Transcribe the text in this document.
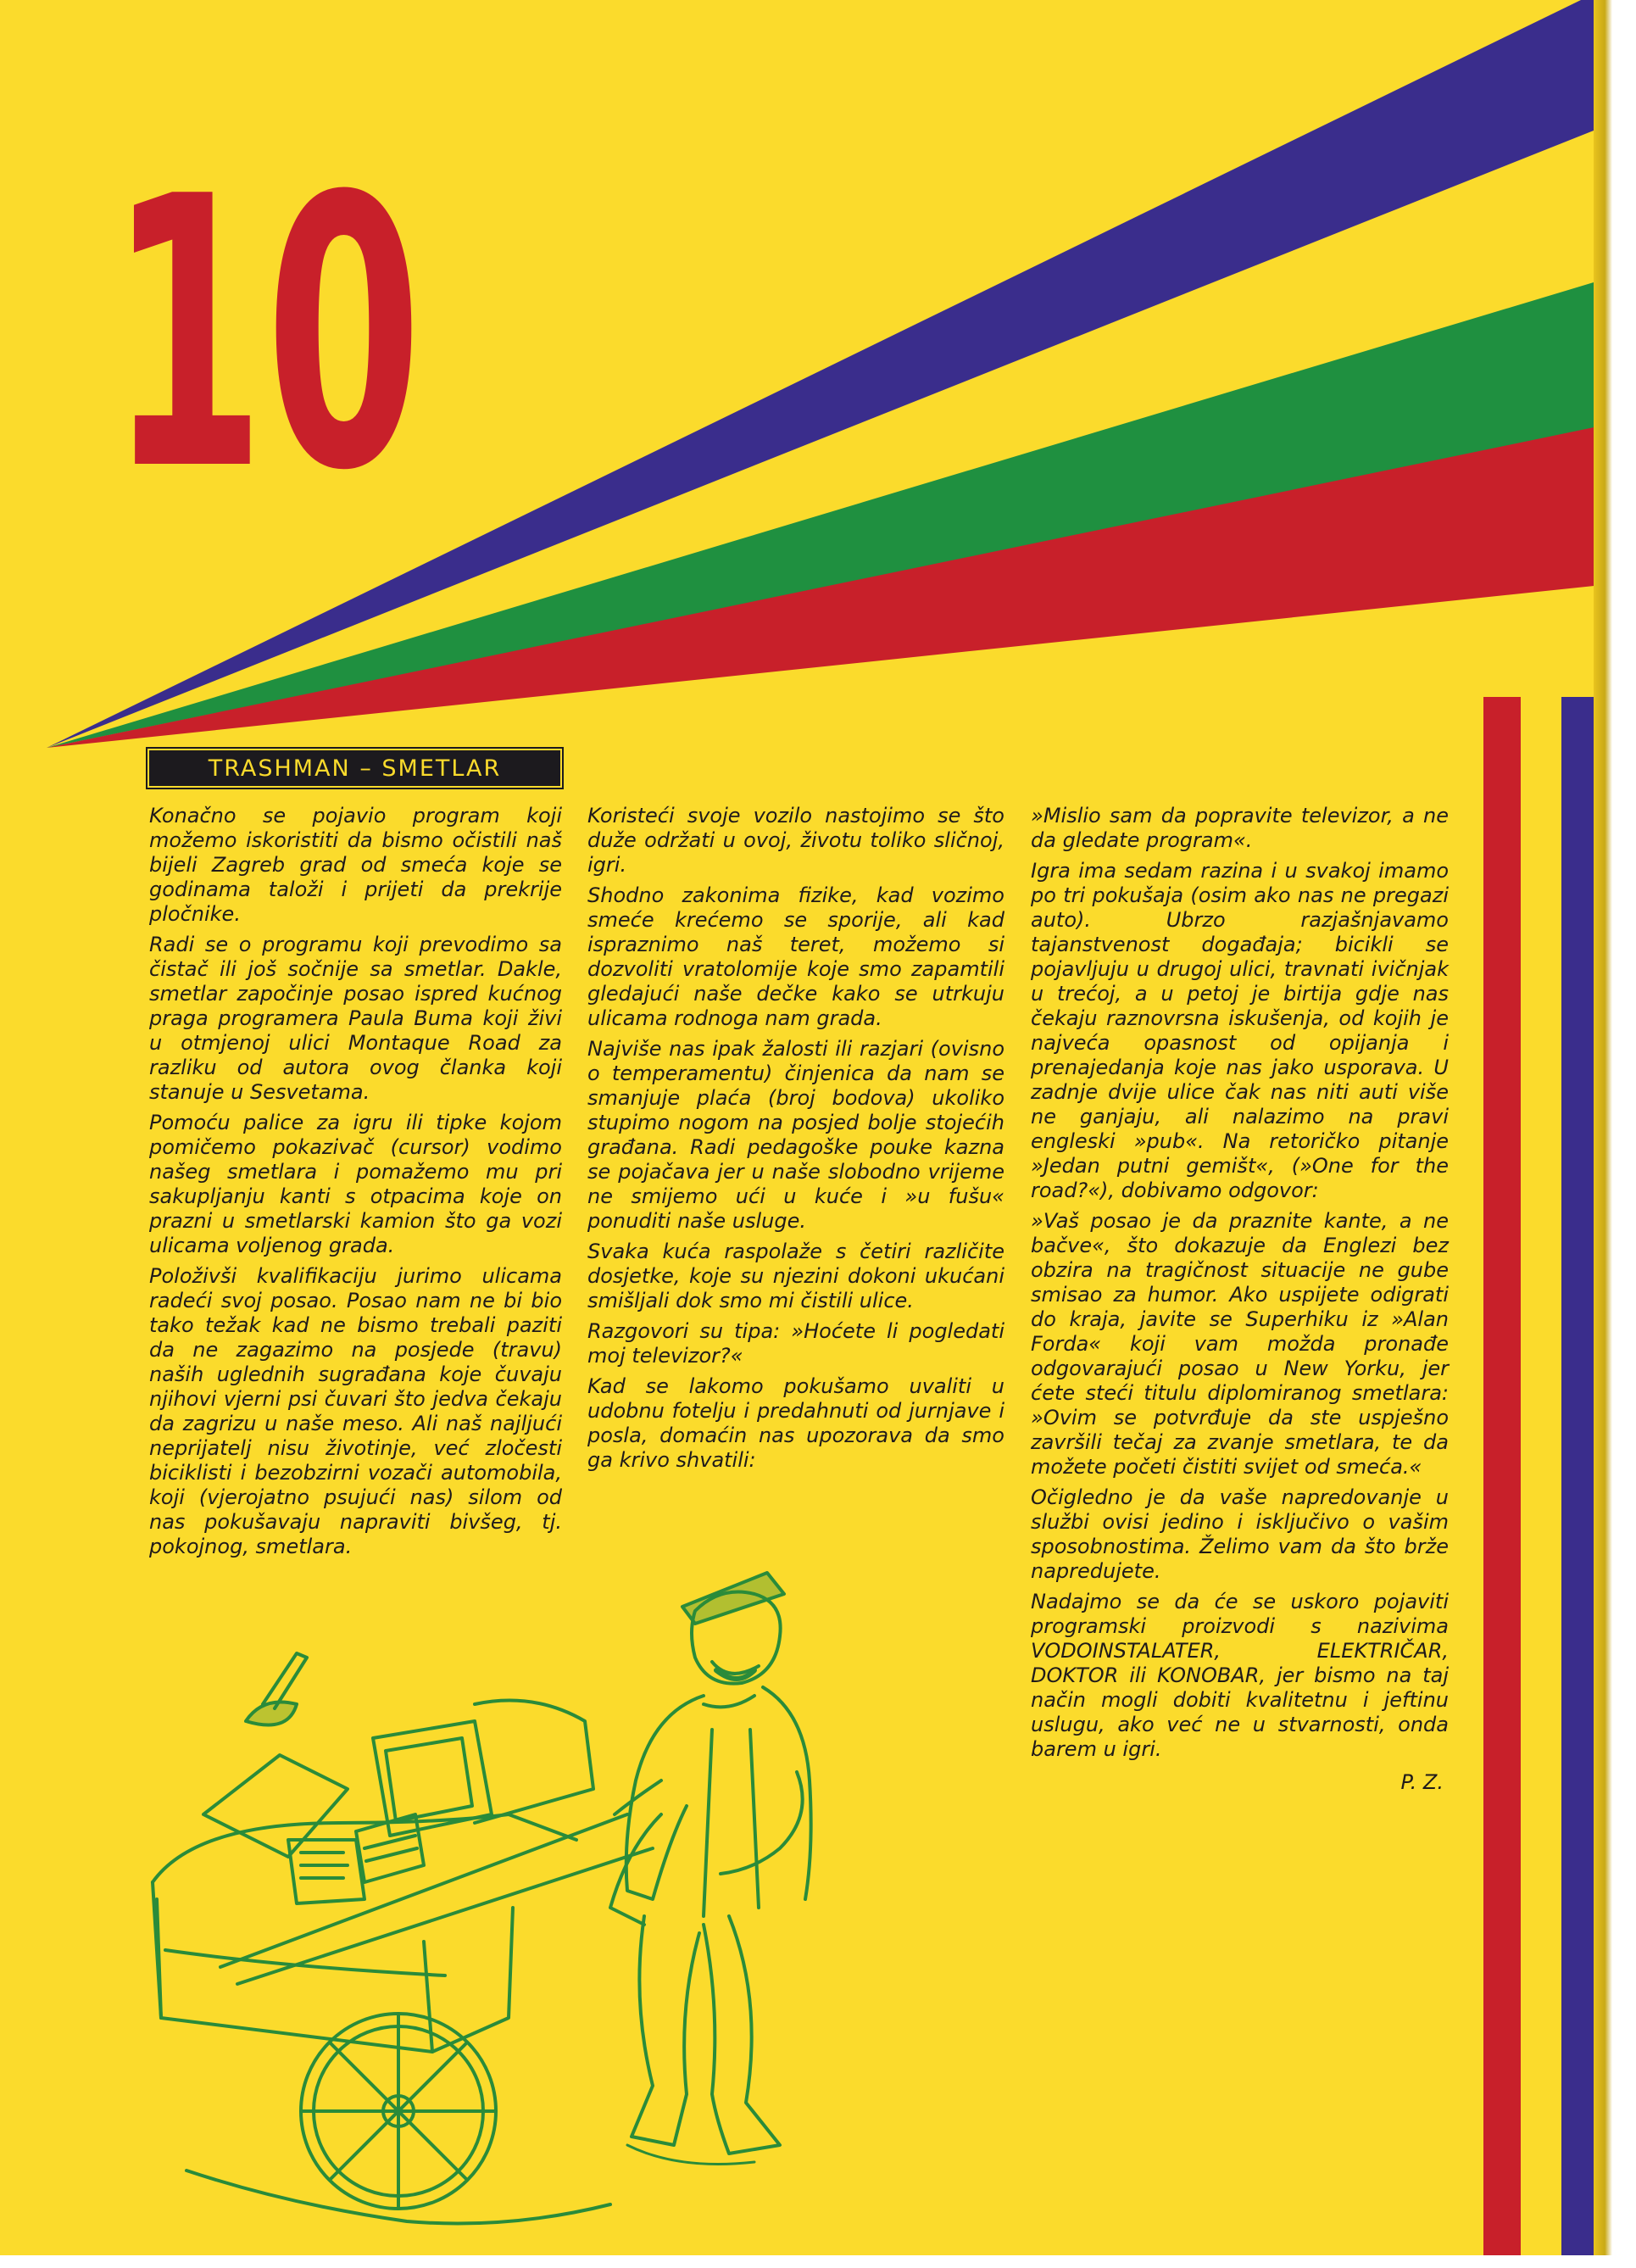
10
TRASHMAN – SMETLAR

Konačno se pojavio program koji možemo iskoristiti da bismo očistili naš bijeli Zagreb grad od smeća koje se godinama taloži i prijeti da prekrije pločnike.

Radi se o programu koji prevodimo sa čistač ili još sočnije sa smetlar. Dakle, smetlar započinje posao ispred kućnog praga programera Paula Buma koji živi u otmjenoj ulici Montaque Road za razliku od autora ovog članka koji stanuje u Sesvetama.

Pomoću palice za igru ili tipke kojom pomičemo pokazivač (cursor) vodimo našeg smetlara i pomažemo mu pri sakupljanju kanti s otpacima koje on prazni u smetlarski kamion što ga vozi ulicama voljenog grada.

Položivši kvalifikaciju jurimo ulicama radeći svoj posao. Posao nam ne bi bio tako težak kad ne bismo trebali paziti da ne zagazimo na posjede (travu) naših uglednih sugrađana koje čuvaju njihovi vjerni psi čuvari što jedva čekaju da zagrizu u naše meso. Ali naš najljući neprijatelj nisu životinje, već zločesti biciklisti i bezobzirni vozači automobila, koji (vjerojatno psujući nas) silom od nas pokušavaju napraviti bivšeg, tj. pokojnog, smetlara.

Koristeći svoje vozilo nastojimo se što duže održati u ovoj, životu toliko sličnoj, igri.

Shodno zakonima fizike, kad vozimo smeće krećemo se sporije, ali kad ispraznimo naš teret, možemo si dozvoliti vratolomije koje smo zapamtili gledajući naše dečke kako se utrkuju ulicama rodnoga nam grada.

Najviše nas ipak žalosti ili razjari (ovisno o temperamentu) činjenica da nam se smanjuje plaća (broj bodova) ukoliko stupimo nogom na posjed bolje stojećih građana. Radi pedagoške pouke kazna se pojačava jer u naše slobodno vrijeme ne smijemo ući u kuće i »u fušu« ponuditi naše usluge.

Svaka kuća raspolaže s četiri različite dosjetke, koje su njezini dokoni ukućani smišljali dok smo mi čistili ulice.

Razgovori su tipa: »Hoćete li pogledati moj televizor?«

Kad se lakomo pokušamo uvaliti u udobnu fotelju i predahnuti od jurnjave i posla, domaćin nas upozorava da smo ga krivo shvatili:

»Mislio sam da popravite televizor, a ne da gledate program«.

Igra ima sedam razina i u svakoj imamo po tri pokušaja (osim ako nas ne pregazi auto). Ubrzo razjašnjavamo tajanstvenost događaja; bicikli se pojavljuju u drugoj ulici, travnati ivičnjak u trećoj, a u petoj je birtija gdje nas čekaju raznovrsna iskušenja, od kojih je najveća opasnost od opijanja i prenajedanja koje nas jako usporava. U zadnje dvije ulice čak nas niti auti više ne ganjaju, ali nalazimo na pravi engleski »pub«. Na retoričko pitanje »Jedan putni gemišt«, (»One for the road?«), dobivamo odgovor:

»Vaš posao je da praznite kante, a ne bačve«, što dokazuje da Englezi bez obzira na tragičnost situacije ne gube smisao za humor. Ako uspijete odigrati do kraja, javite se Superhiku iz »Alan Forda« koji vam možda pronađe odgovarajući posao u New Yorku, jer ćete steći titulu diplomiranog smetlara: »Ovim se potvrđuje da ste uspješno završili tečaj za zvanje smetlara, te da možete početi čistiti svijet od smeća.«

Očigledno je da vaše napredovanje u službi ovisi jedino i isključivo o vašim sposobnostima. Želimo vam da što brže napredujete.

Nadajmo se da će se uskoro pojaviti programski proizvodi s nazivima VODOINSTALATER, ELEKTRIČAR, DOKTOR ili KONOBAR, jer bismo na taj način mogli dobiti kvalitetnu i jeftinu uslugu, ako već ne u stvarnosti, onda barem u igri.

P. Z.
